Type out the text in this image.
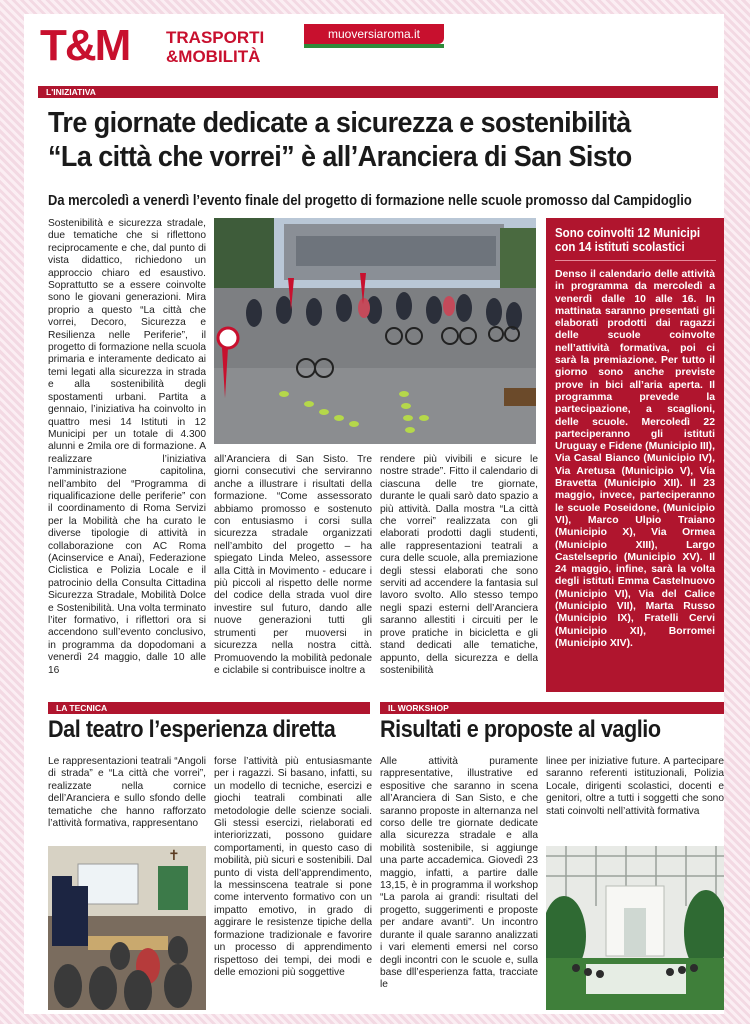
T&M TRASPORTI
&MOBILITÀ
muoversiaroma.it
L'INIZIATIVA
Tre giornate dedicate a sicurezza e sostenibilità
“La città che vorrei” è all’Aranciera di San Sisto
Da mercoledì a venerdì l’evento finale del progetto di formazione nelle scuole promosso dal Campidoglio

Sostenibilità e sicurezza stradale, due tematiche che si riflettono reciprocamente e che, dal punto di vista didattico, richiedono un approccio chiaro ed esaustivo. Soprattutto se a essere coinvolte sono le giovani generazioni. Mira proprio a questo “La città che vorrei, Decoro, Sicurezza e Resilienza nelle Periferie”, il progetto di formazione nella scuola primaria e interamente dedicato ai temi legati alla sicurezza in strada e alla sostenibilità degli spostamenti urbani. Partita a gennaio, l’iniziativa ha coinvolto in quattro mesi 14 Istituti in 12 Municipi per un totale di 4.300 alunni e 2mila ore di formazione. A realizzare l’iniziativa l’amministrazione capitolina, nell’ambito del “Programma di riqualificazione delle periferie” con il coordinamento di Roma Servizi per la Mobilità che ha curato le diverse tipologie di attività in collaborazione con AC Roma (Acinservice e Anai), Federazione Ciclistica e Polizia Locale e il patrocinio della Consulta Cittadina Sicurezza Stradale, Mobilità Dolce e Sostenibilità. Una volta terminato l’iter formativo, i riflettori ora si accendono sull’evento conclusivo, in programma da dopodomani a venerdì 24 maggio, dalle 10 alle 16

all’Aranciera di San Sisto. Tre giorni consecutivi che serviranno anche a illustrare i risultati della formazione. “Come assessorato abbiamo promosso e sostenuto con entusiasmo i corsi sulla sicurezza stradale organizzati nell’ambito del progetto – ha spiegato Linda Meleo, assessore alla Città in Movimento - educare i più piccoli al rispetto delle norme del codice della strada vuol dire investire sul futuro, dando alle nuove generazioni tutti gli strumenti per muoversi in sicurezza nella nostra città. Promuovendo la mobilità pedonale e ciclabile si contribuisce inoltre a

rendere più vivibili e sicure le nostre strade”. Fitto il calendario di ciascuna delle tre giornate, durante le quali sarò dato spazio a più attività. Dalla mostra “La città che vorrei” realizzata con gli elaborati prodotti dagli studenti, alle rappresentazioni teatrali a cura delle scuole, alla premiazione degli stessi elaborati che sono serviti ad accendere la fantasia sul lavoro svolto. Allo stesso tempo negli spazi esterni dell’Aranciera saranno allestiti i circuiti per le prove pratiche in bicicletta e gli stand dedicati alle tematiche, appunto, della sicurezza e della sostenibilità

Sono coinvolti 12 Municipi con 14 istituti scolastici
Denso il calendario delle attività in programma da mercoledì a venerdì dalle 10 alle 16. In mattinata saranno presentati gli elaborati prodotti dai ragazzi delle scuole coinvolte nell’attività formativa, poi ci sarà la premiazione. Per tutto il giorno sono anche previste prove in bici all’aria aperta. Il programma prevede la partecipazione, a scaglioni, delle scuole. Mercoledì 22 parteciperanno gli istituti Uruguay e Fidene (Municipio III), Via Casal Bianco (Municipio IV), Via Aretusa (Municipio V), Via Bravetta (Municipio XII). Il 23 maggio, invece, parteciperanno le scuole Poseidone, (Municipio VI), Marco Ulpio Traiano (Municipio X), Via Ormea (Municipio XIII), Largo Castelseprio (Municipio XV). Il 24 maggio, infine, sarà la volta degli istituti Emma Castelnuovo (Municipio VI), Via del Calice (Municipio VII), Marta Russo (Municipio IX), Fratelli Cervi (Municipio XI), Borromei (Municipio XIV).
LA TECNICA
Dal teatro l’esperienza diretta

Le rappresentazioni teatrali “Angoli di strada” e “La città che vorrei”, realizzate nella cornice dell’Aranciera e sullo sfondo delle tematiche che hanno rafforzato l’attività formativa, rappresentano

✝

forse l’attività più entusiasmante per i ragazzi. Si basano, infatti, su un modello di tecniche, esercizi e giochi teatrali combinati alle metodologie delle scienze sociali. Gli stessi esercizi, rielaborati ed interiorizzati, possono guidare comportamenti, in questo caso di mobilità, più sicuri e sostenibili. Dal punto di vista dell’apprendimento, la messinscena teatrale si pone come intervento formativo con un impatto emotivo, in grado di aggirare le resistenze tipiche della formazione tradizionale e favorire un processo di apprendimento rispettoso dei tempi, dei modi e delle emozioni più soggettive

IL WORKSHOP
Risultati e proposte al vaglio

Alle attività puramente rappresentative, illustrative ed espositive che saranno in scena all’Aranciera di San Sisto, e che saranno proposte in alternanza nel corso delle tre giornate dedicate alla sicurezza stradale e alla mobilità sostenibile, si aggiunge una parte accademica. Giovedì 23 maggio, infatti, a partire dalle 13,15, è in programma il workshop “La parola ai grandi: risultati del progetto, suggerimenti e proposte per andare avanti”. Un incontro durante il quale saranno analizzati i vari elementi emersi nel corso degli incontri con le scuole e, sulla base dll’esperienza fatta, tracciate le

linee per iniziative future. A partecipare saranno referenti istituzionali, Polizia Locale, dirigenti scolastici, docenti e genitori, oltre a tutti i soggetti che sono stati coinvolti nell’attività formativa
